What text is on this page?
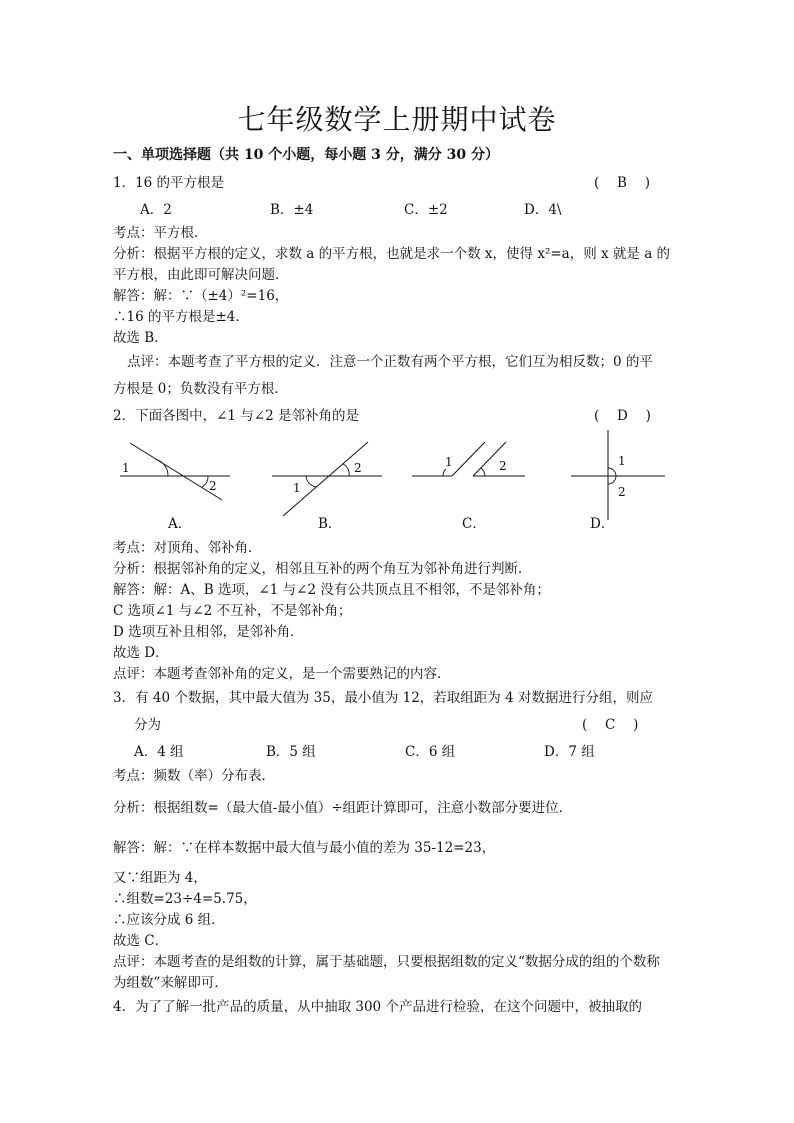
七年级数学上册期中试卷
一、单项选择题（共 10 个小题，每小题 3 分，满分 30 分）
1．16 的平方根是	(　 B 　)
A．2	B．±4	C．±2	D．4\
考点：平方根．
分析：根据平方根的定义，求数 a 的平方根，也就是求一个数 x，使得 x²=a，则 x 就是 a 的
平方根，由此即可解决问题．
解答：解：∵（±4）²=16，
∴16 的平方根是±4．
故选 B．
点评：本题考查了平方根的定义．注意一个正数有两个平方根，它们互为相反数；0 的平
方根是 0；负数没有平方根．
2．下面各图中，∠1 与∠2 是邻补角的是	(　 D 　)
1
2
2
1
1	2	1
2
A．	B．	C．	D．
考点：对顶角、邻补角．
分析：根据邻补角的定义，相邻且互补的两个角互为邻补角进行判断．
解答：解：A、B 选项，∠1 与∠2 没有公共顶点且不相邻，不是邻补角；
C 选项∠1 与∠2 不互补，不是邻补角；
D 选项互补且相邻，是邻补角．
故选 D．
点评：本题考查邻补角的定义，是一个需要熟记的内容．
3．有 40 个数据，其中最大值为 35，最小值为 12，若取组距为 4 对数据进行分组，则应
分为	(　 C 　)
A．4 组	B．5 组	C．6 组	D．7 组
考点：频数（率）分布表．
分析：根据组数=（最大值-最小值）÷组距计算即可，注意小数部分要进位．
解答：解：∵在样本数据中最大值与最小值的差为 35-12=23，
又∵组距为 4，
∴组数=23÷4=5.75，
∴应该分成 6 组．
故选 C．
点评：本题考查的是组数的计算，属于基础题，只要根据组数的定义“数据分成的组的个数称
为组数”来解即可．
4．为了了解一批产品的质量，从中抽取 300 个产品进行检验，在这个问题中，被抽取的
